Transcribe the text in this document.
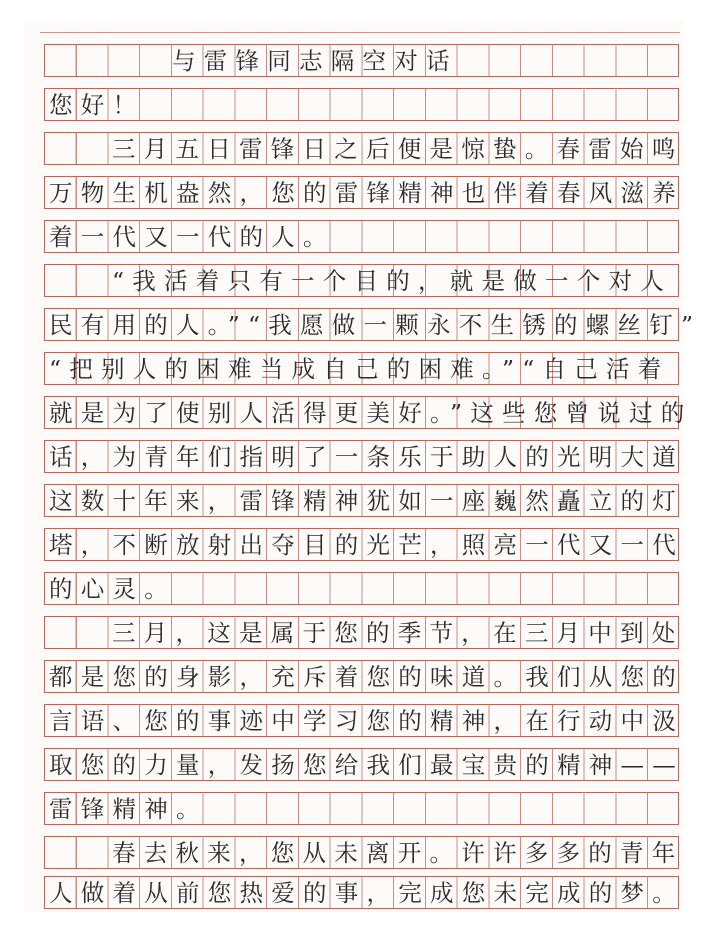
与雷锋同志隔空对话
您好！
三月五日雷锋日之后便是惊蛰。春雷始鸣
万物生机盎然，您的雷锋精神也伴着春风滋养
着一代又一代的人。
“我活着只有一个目的，就是做一个对人
民有用的人。”“我愿做一颗永不生锈的螺丝钉”
“把别人的困难当成自己的困难。”“自己活着
就是为了使别人活得更美好。”这些您曾说过的
话，为青年们指明了一条乐于助人的光明大道
这数十年来，雷锋精神犹如一座巍然矗立的灯
塔，不断放射出夺目的光芒，照亮一代又一代
的心灵。
三月，这是属于您的季节，在三月中到处
都是您的身影，充斥着您的味道。我们从您的
言语、您的事迹中学习您的精神，在行动中汲
取您的力量，发扬您给我们最宝贵的精神——
雷锋精神。
春去秋来，您从未离开。许许多多的青年
人做着从前您热爱的事，完成您未完成的梦。
